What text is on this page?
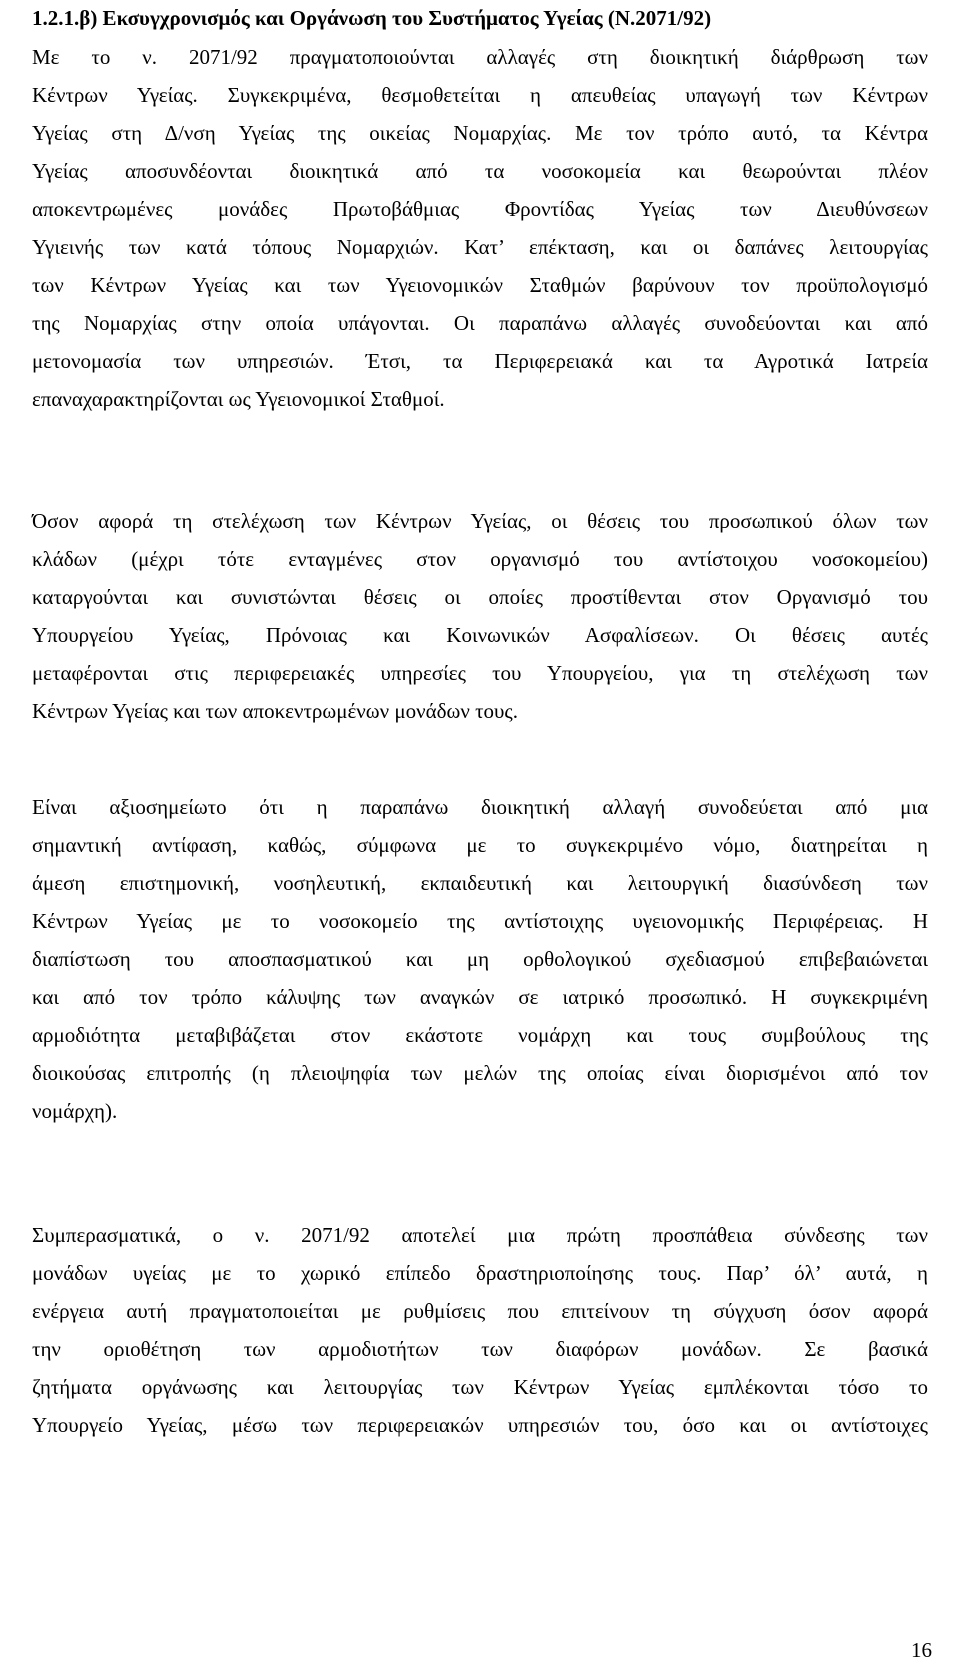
1.2.1.β) Εκσυγχρονισμός και Οργάνωση του Συστήματος Υγείας (Ν.2071/92)
Με το ν. 2071/92 πραγματοποιούνται αλλαγές στη διοικητική διάρθρωση των
Κέντρων Υγείας. Συγκεκριμένα, θεσμοθετείται η απευθείας υπαγωγή των Κέντρων
Υγείας στη Δ/νση Υγείας της οικείας Νομαρχίας. Με τον τρόπο αυτό, τα Κέντρα
Υγείας αποσυνδέονται διοικητικά από τα νοσοκομεία και θεωρούνται πλέον
αποκεντρωμένες μονάδες Πρωτοβάθμιας Φροντίδας Υγείας των Διευθύνσεων
Υγιεινής των κατά τόπους Νομαρχιών. Κατ’ επέκταση, και οι δαπάνες λειτουργίας
των Κέντρων Υγείας και των Υγειονομικών Σταθμών βαρύνουν τον προϋπολογισμό
της Νομαρχίας στην οποία υπάγονται. Οι παραπάνω αλλαγές συνοδεύονται και από
μετονομασία των υπηρεσιών. Έτσι, τα Περιφερειακά και τα Αγροτικά Ιατρεία
επαναχαρακτηρίζονται ως Υγειονομικοί Σταθμοί.
Όσον αφορά τη στελέχωση των Κέντρων Υγείας, οι θέσεις του προσωπικού όλων των
κλάδων (μέχρι τότε ενταγμένες στον οργανισμό του αντίστοιχου νοσοκομείου)
καταργούνται και συνιστώνται θέσεις οι οποίες προστίθενται στον Οργανισμό του
Υπουργείου Υγείας, Πρόνοιας και Κοινωνικών Ασφαλίσεων. Οι θέσεις αυτές
μεταφέρονται στις περιφερειακές υπηρεσίες του Υπουργείου, για τη στελέχωση των
Κέντρων Υγείας και των αποκεντρωμένων μονάδων τους.
Είναι αξιοσημείωτο ότι η παραπάνω διοικητική αλλαγή συνοδεύεται από μια
σημαντική αντίφαση, καθώς, σύμφωνα με το συγκεκριμένο νόμο, διατηρείται η
άμεση επιστημονική, νοσηλευτική, εκπαιδευτική και λειτουργική διασύνδεση των
Κέντρων Υγείας με το νοσοκομείο της αντίστοιχης υγειονομικής Περιφέρειας. Η
διαπίστωση του αποσπασματικού και μη ορθολογικού σχεδιασμού επιβεβαιώνεται
και από τον τρόπο κάλυψης των αναγκών σε ιατρικό προσωπικό. Η συγκεκριμένη
αρμοδιότητα μεταβιβάζεται στον εκάστοτε νομάρχη και τους συμβούλους της
διοικούσας επιτροπής (η πλειοψηφία των μελών της οποίας είναι διορισμένοι από τον
νομάρχη).
Συμπερασματικά, ο ν. 2071/92 αποτελεί μια πρώτη προσπάθεια σύνδεσης των
μονάδων υγείας με το χωρικό επίπεδο δραστηριοποίησης τους. Παρ’ όλ’ αυτά, η
ενέργεια αυτή πραγματοποιείται με ρυθμίσεις που επιτείνουν τη σύγχυση όσον αφορά
την οριοθέτηση των αρμοδιοτήτων των διαφόρων μονάδων. Σε βασικά
ζητήματα οργάνωσης και λειτουργίας των Κέντρων Υγείας εμπλέκονται τόσο το
Υπουργείο Υγείας, μέσω των περιφερειακών υπηρεσιών του, όσο και οι αντίστοιχες
16
